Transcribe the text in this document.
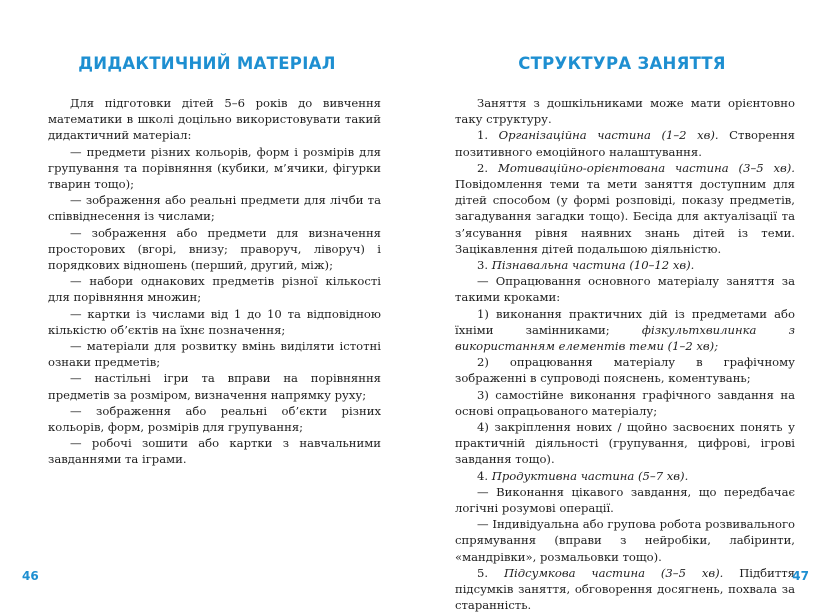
ДИДАКТИЧНИЙ МАТЕРІАЛ

Для підготовки дітей 5–6 років до вивчення математики в школі доцільно використовувати такий дидактичний матеріал:

— предмети різних кольорів, форм і розмірів для групування та порівняння (кубики, м’ячики, фігурки тварин тощо);

— зображення або реальні предмети для лічби та співвіднесення із числами;

— зображення або предмети для визначення просторових (вгорі, внизу; праворуч, ліворуч) і порядкових відношень (перший, другий, між);

— набори однакових предметів різної кількості для порівняння множин;

— картки із числами від 1 до 10 та відповідною кількістю об’єктів на їхнє позначення;

— матеріали для розвитку вмінь виділяти істотні ознаки предметів;

— настільні ігри та вправи на порівняння предметів за розміром, визначення напрямку руху;

— зображення або реальні об’єкти різних кольорів, форм, розмірів для групування;

— робочі зошити або картки з навчальними завданнями та іграми.

46
СТРУКТУРА ЗАНЯТТЯ

Заняття з дошкільниками може мати орієнтовно таку структуру.

1. Організаційна частина (1–2 хв). Створення позитивного емоційного налаштування.

2. Мотиваційно-орієнтована частина (3–5 хв). Повідомлення теми та мети заняття доступним для дітей способом (у формі розповіді, показу предметів, загадування загадки тощо). Бесіда для актуалізації та з’ясування рівня наявних знань дітей із теми. Зацікавлення дітей подальшою діяльністю.

3. Пізнавальна частина (10–12 хв).

— Опрацювання основного матеріалу заняття за такими кроками:

1) виконання практичних дій із предметами або їхніми замінниками;	фізкультхвилинка з використанням елементів теми (1–2 хв);

2) опрацювання матеріалу в графічному зображенні в супроводі пояснень, коментувань;

3) самостійне виконання графічного завдання на основі опрацьованого матеріалу;

4) закріплення нових / щойно засвоєних понять у практичній діяльності (групування, цифрові, ігрові завдання тощо).

4. Продуктивна частина (5–7 хв).

— Виконання цікавого завдання, що передбачає логічні розумові операції.

— Індивідуальна або групова робота розвивального спрямування (вправи з нейробіки, лабіринти, «мандрівки», розмальовки тощо).

5. Підсумкова частина (3–5 хв). Підбиття підсумків заняття, обговорення досягнень, похвала за старанність.

47
